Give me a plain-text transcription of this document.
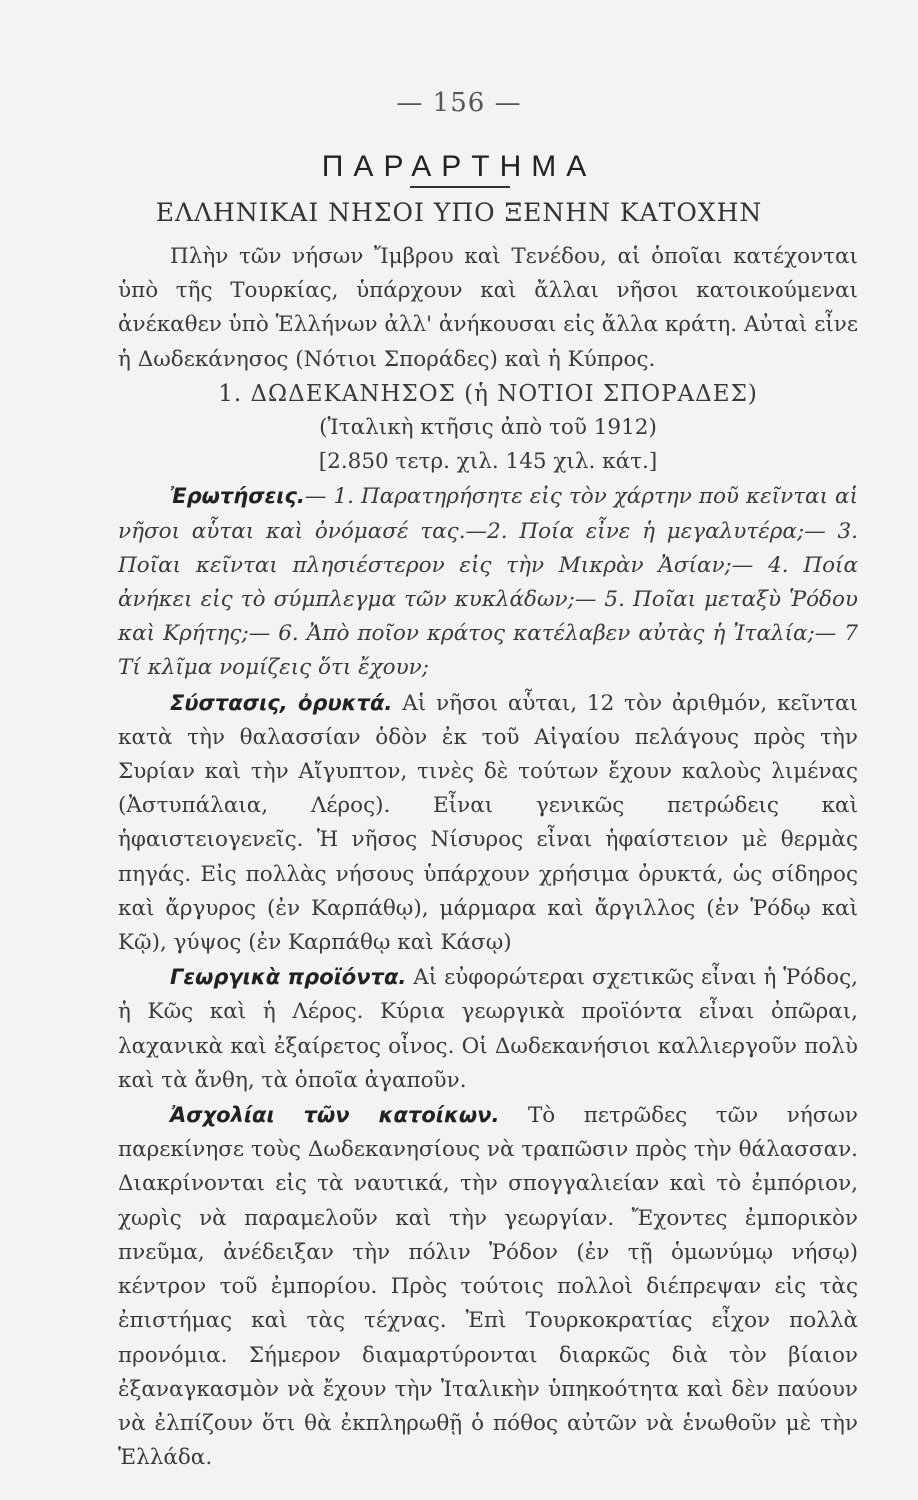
— 156 —
ΠΑΡΑΡΤΗΜΑ
ΕΛΛΗΝΙΚΑΙ ΝΗΣΟΙ ΥΠΟ ΞΕΝΗΝ ΚΑΤΟΧΗΝ

Πλὴν τῶν νήσων Ἴμβρου καὶ Τενέδου, αἱ ὁποῖαι κατέχονται ὑπὸ τῆς Τουρκίας, ὑπάρχουν καὶ ἄλλαι νῆσοι κατοικούμεναι ἀνέκαθεν ὑπὸ Ἑλλήνων ἀλλ' ἀνήκουσαι εἰς ἄλλα κράτη. Αὐταὶ εἶνε ἡ Δωδεκάνησος (Νότιοι Σποράδες) καὶ ἡ Κύπρος.

1. ΔΩΔΕΚΑΝΗΣΟΣ (ἡ ΝΟΤΙΟΙ ΣΠΟΡΑΔΕΣ)

(Ἰταλικὴ κτῆσις ἀπὸ τοῦ 1912)

[2.850 τετρ. χιλ. 145 χιλ. κάτ.]

Ἐρωτήσεις.— 1. Παρατηρήσητε εἰς τὸν χάρτην ποῦ κεῖνται αἱ νῆσοι αὗται καὶ ὀνόμασέ τας.—2. Ποία εἶνε ἡ μεγαλυτέρα;— 3. Ποῖαι κεῖνται πλησιέστερον εἰς τὴν Μικρὰν Ἀσίαν;— 4. Ποία ἀνήκει εἰς τὸ σύμπλεγμα τῶν κυκλάδων;— 5. Ποῖαι μεταξὺ Ῥόδου καὶ Κρήτης;— 6. Ἀπὸ ποῖον κράτος κατέλαβεν αὐτὰς ἡ Ἰταλία;— 7 Τί κλῖμα νομίζεις ὅτι ἔχουν;

Σύστασις, ὀρυκτά. Αἱ νῆσοι αὗται, 12 τὸν ἀριθμόν, κεῖνται κατὰ τὴν θαλασσίαν ὁδὸν ἐκ τοῦ Αἰγαίου πελάγους πρὸς τὴν Συρίαν καὶ τὴν Αἴγυπτον, τινὲς δὲ τούτων ἔχουν καλοὺς λιμένας (Ἀστυπάλαια, Λέρος). Εἶναι γενικῶς πετρώδεις καὶ ἡφαιστειογενεῖς. Ἡ νῆσος Νίσυρος εἶναι ἡφαίστειον μὲ θερμὰς πηγάς. Εἰς πολλὰς νήσους ὑπάρχουν χρήσιμα ὀρυκτά, ὡς σίδηρος καὶ ἄργυρος (ἐν Καρπάθῳ), μάρμαρα καὶ ἄργιλλος (ἐν Ῥόδῳ καὶ Κῷ), γύψος (ἐν Καρπάθῳ καὶ Κάσῳ)

Γεωργικὰ προϊόντα. Αἱ εὐφορώτεραι σχετικῶς εἶναι ἡ Ῥόδος, ἡ Κῶς καὶ ἡ Λέρος. Κύρια γεωργικὰ προϊόντα εἶναι ὀπῶραι, λαχανικὰ καὶ ἐξαίρετος οἶνος. Οἱ Δωδεκανήσιοι καλλιεργοῦν πολὺ καὶ τὰ ἄνθη, τὰ ὁποῖα ἀγαποῦν.

Ἀσχολίαι τῶν κατοίκων. Τὸ πετρῶδες τῶν νήσων παρεκίνησε τοὺς Δωδεκανησίους νὰ τραπῶσιν πρὸς τὴν θάλασσαν. Διακρίνονται εἰς τὰ ναυτικά, τὴν σπογγαλιείαν καὶ τὸ ἐμπόριον, χωρὶς νὰ παραμελοῦν καὶ τὴν γεωργίαν. Ἔχοντες ἐμπορικὸν πνεῦμα, ἀνέδειξαν τὴν πόλιν Ῥόδον (ἐν τῇ ὁμωνύμῳ νήσῳ) κέντρον τοῦ ἐμπορίου. Πρὸς τούτοις πολλοὶ διέπρεψαν εἰς τὰς ἐπιστήμας καὶ τὰς τέχνας. Ἐπὶ Τουρκοκρατίας εἶχον πολλὰ προνόμια. Σήμερον διαμαρτύρονται διαρκῶς διὰ τὸν βίαιον ἐξαναγκασμὸν νὰ ἔχουν τὴν Ἰταλικὴν ὑπηκοότητα καὶ δὲν παύουν νὰ ἐλπίζουν ὅτι θὰ ἐκπληρωθῇ ὁ πόθος αὐτῶν νὰ ἑνωθοῦν μὲ τὴν Ἑλλάδα.
